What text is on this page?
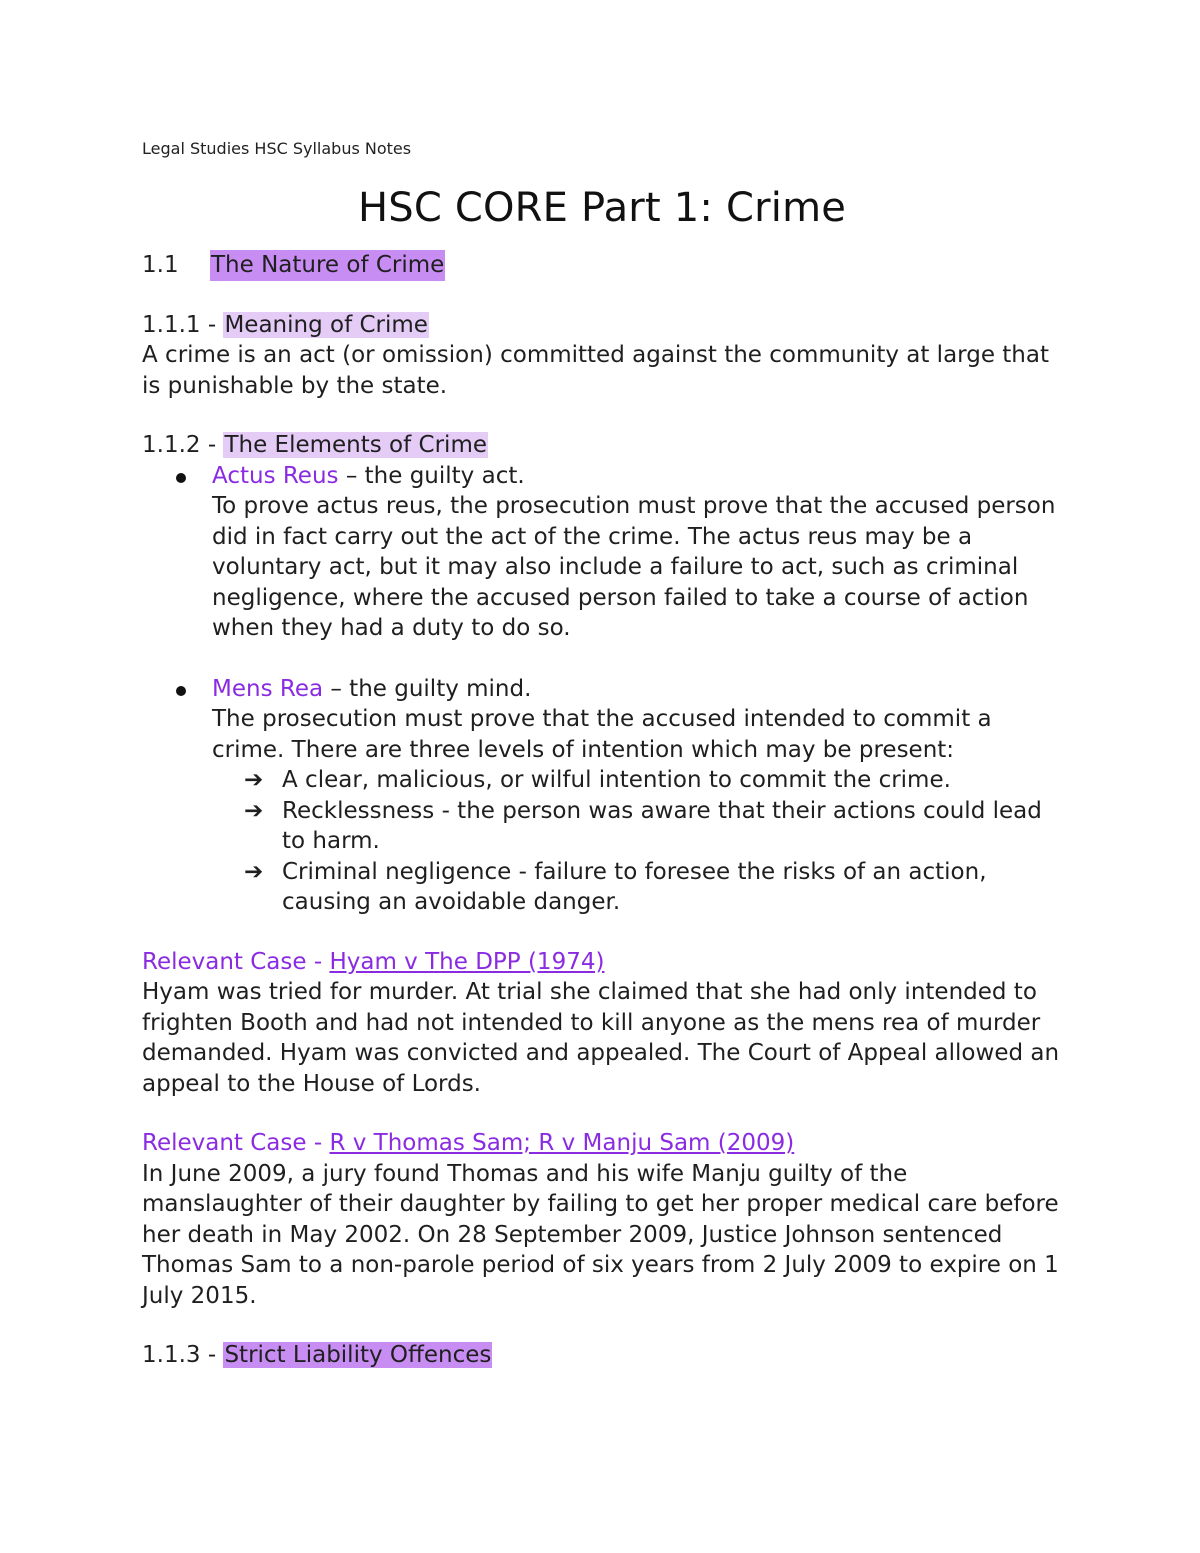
Legal Studies HSC Syllabus Notes

HSC CORE Part 1: Crime
1.1	The Nature of Crime
1.1.1 - Meaning of Crime

A crime is an act (or omission) committed against the community at large that is punishable by the state.

1.1.2 - The Elements of Crime
Actus Reus – the guilty act.

To prove actus reus, the prosecution must prove that the accused person did in fact carry out the act of the crime. The actus reus may be a voluntary act, but it may also include a failure to act, such as criminal negligence, where the accused person failed to take a course of action when they had a duty to do so.

Mens Rea – the guilty mind.

The prosecution must prove that the accused intended to commit a crime. There are three levels of intention which may be present:

➔ A clear, malicious, or wilful intention to commit the crime.
➔ Recklessness - the person was aware that their actions could lead to harm.
➔ Criminal negligence - failure to foresee the risks of an action, causing an avoidable danger.
Relevant Case - Hyam v The DPP (1974)

Hyam was tried for murder. At trial she claimed that she had only intended to frighten Booth and had not intended to kill anyone as the mens rea of murder demanded. Hyam was convicted and appealed. The Court of Appeal allowed an appeal to the House of Lords.

Relevant Case - R v Thomas Sam; R v Manju Sam (2009)

In June 2009, a jury found Thomas and his wife Manju guilty of the manslaughter of their daughter by failing to get her proper medical care before her death in May 2002. On 28 September 2009, Justice Johnson sentenced Thomas Sam to a non-parole period of six years from 2 July 2009 to expire on 1 July 2015.

1.1.3 - Strict Liability Offences
